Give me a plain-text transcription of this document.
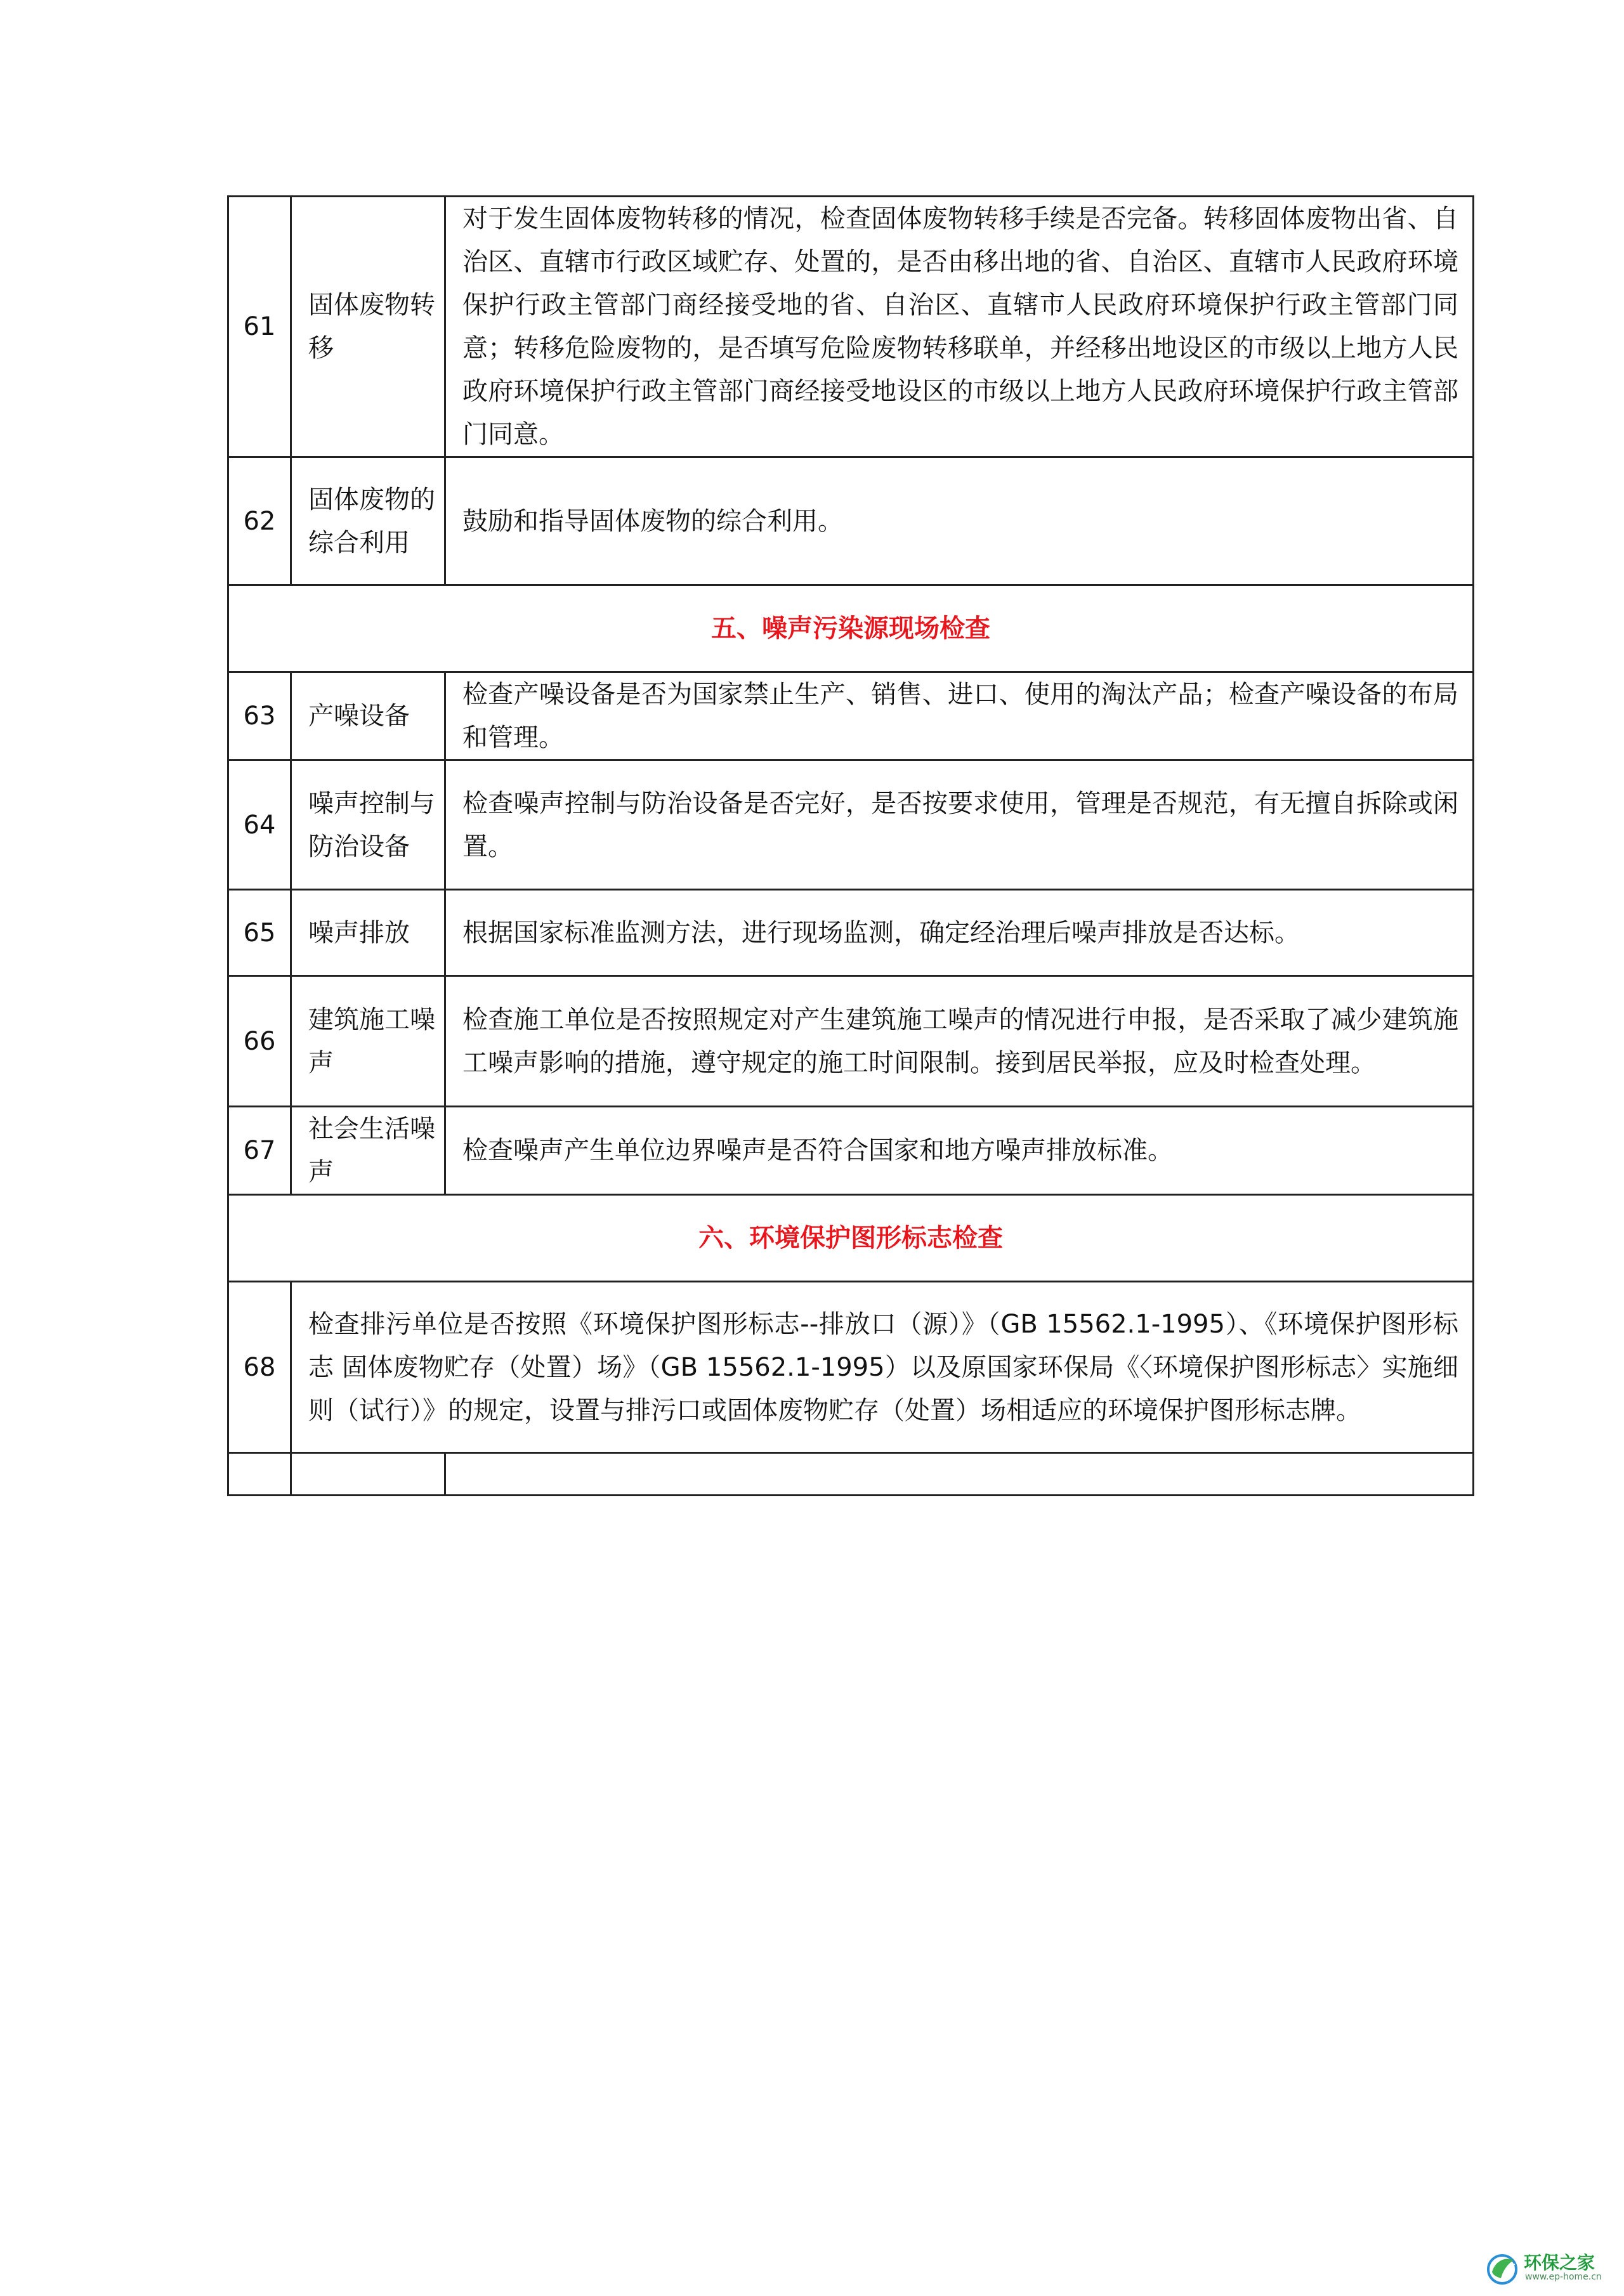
61	固体废物转移	对于发生固体废物转移的情况，检查固体废物转移手续是否完备。转移固体废物出省、自治区、直辖市行政区域贮存、处置的，是否由移出地的省、自治区、直辖市人民政府环境保护行政主管部门商经接受地的省、自治区、直辖市人民政府环境保护行政主管部门同意；转移危险废物的，是否填写危险废物转移联单，并经移出地设区的市级以上地方人民政府环境保护行政主管部门商经接受地设区的市级以上地方人民政府环境保护行政主管部门同意。
62	固体废物的综合利用	鼓励和指导固体废物的综合利用。
五、噪声污染源现场检查		
63	产噪设备	检查产噪设备是否为国家禁止生产、销售、进口、使用的淘汰产品；检查产噪设备的布局和管理。
64	噪声控制与防治设备	检查噪声控制与防治设备是否完好，是否按要求使用，管理是否规范，有无擅自拆除或闲置。
65	噪声排放	根据国家标准监测方法，进行现场监测，确定经治理后噪声排放是否达标。
66	建筑施工噪声	检查施工单位是否按照规定对产生建筑施工噪声的情况进行申报，是否采取了减少建筑施工噪声影响的措施，遵守规定的施工时间限制。接到居民举报，应及时检查处理。
67	社会生活噪声	检查噪声产生单位边界噪声是否符合国家和地方噪声排放标准。
六、环境保护图形标志检查		
68	检查排污单位是否按照《环境保护图形标志--排放口（源）》（GB 15562.1-1995）、《环境保护图形标志 固体废物贮存（处置）场》（GB 15562.1-1995）以及原国家环保局《〈环境保护图形标志〉实施细则（试行）》的规定，设置与排污口或固体废物贮存（处置）场相适应的环境保护图形标志牌。	

环保之家
www.ep-home.cn
